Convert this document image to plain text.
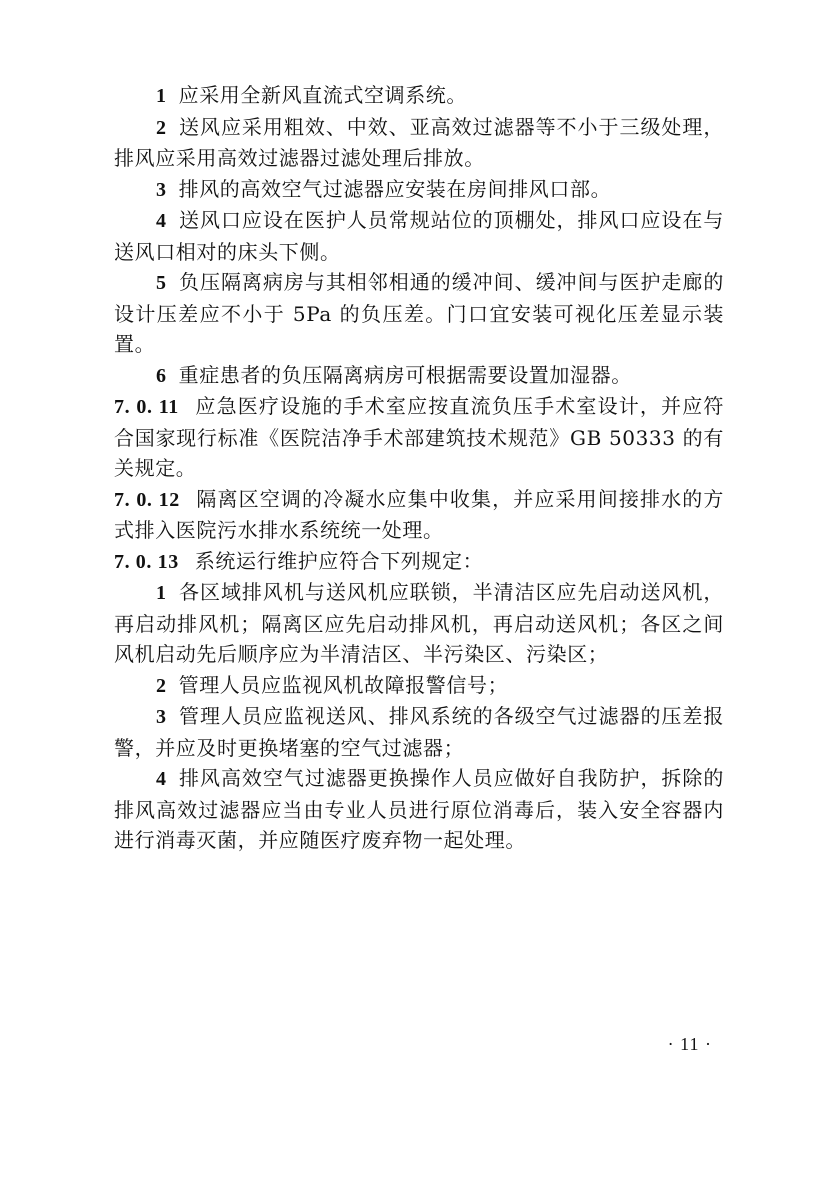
1 应采用全新风直流式空调系统。

2 送风应采用粗效、中效、亚高效过滤器等不小于三级处理，排风应采用高效过滤器过滤处理后排放。

3 排风的高效空气过滤器应安装在房间排风口部。

4 送风口应设在医护人员常规站位的顶棚处，排风口应设在与送风口相对的床头下侧。

5 负压隔离病房与其相邻相通的缓冲间、缓冲间与医护走廊的设计压差应不小于 5Pa 的负压差。门口宜安装可视化压差显示装置。

6 重症患者的负压隔离病房可根据需要设置加湿器。

7. 0. 11 应急医疗设施的手术室应按直流负压手术室设计，并应符合国家现行标准《医院洁净手术部建筑技术规范》GB 50333 的有关规定。

7. 0. 12 隔离区空调的冷凝水应集中收集，并应采用间接排水的方式排入医院污水排水系统统一处理。

7. 0. 13 系统运行维护应符合下列规定：

1 各区域排风机与送风机应联锁，半清洁区应先启动送风机，再启动排风机；隔离区应先启动排风机，再启动送风机；各区之间风机启动先后顺序应为半清洁区、半污染区、污染区；

2 管理人员应监视风机故障报警信号；

3 管理人员应监视送风、排风系统的各级空气过滤器的压差报警，并应及时更换堵塞的空气过滤器；

4 排风高效空气过滤器更换操作人员应做好自我防护，拆除的排风高效过滤器应当由专业人员进行原位消毒后，装入安全容器内进行消毒灭菌，并应随医疗废弃物一起处理。

· 11 ·
